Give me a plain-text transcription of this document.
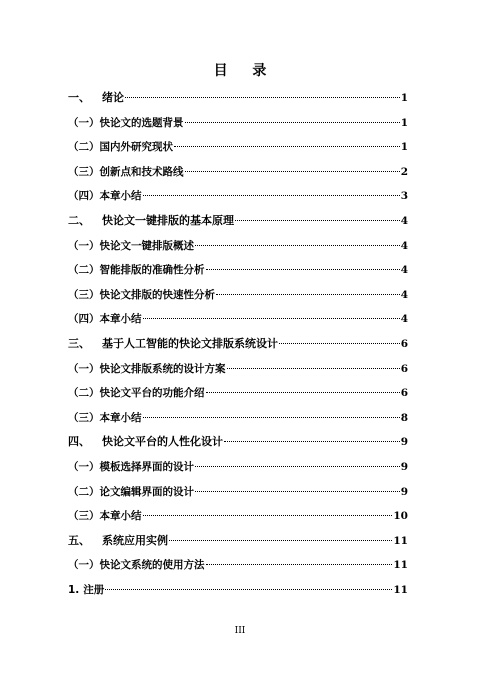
目 录
一、	绪论	1
（一） 快论文的选题背景	1
（二） 国内外研究现状	1
（三） 创新点和技术路线	2
（四） 本章小结	3
二、	快论文一键排版的基本原理	4
（一） 快论文一键排版概述	4
（二） 智能排版的准确性分析	4
（三） 快论文排版的快速性分析	4
（四） 本章小结	4
三、	基于人工智能的快论文排版系统设计	6
（一） 快论文排版系统的设计方案	6
（二） 快论文平台的功能介绍	6
（三） 本章小结	8
四、	快论文平台的人性化设计	9
（一） 模板选择界面的设计	9
（二） 论文编辑界面的设计	9
（三） 本章小结	10
五、	系统应用实例	11
（一） 快论文系统的使用方法	11
1. 注册	11
III
